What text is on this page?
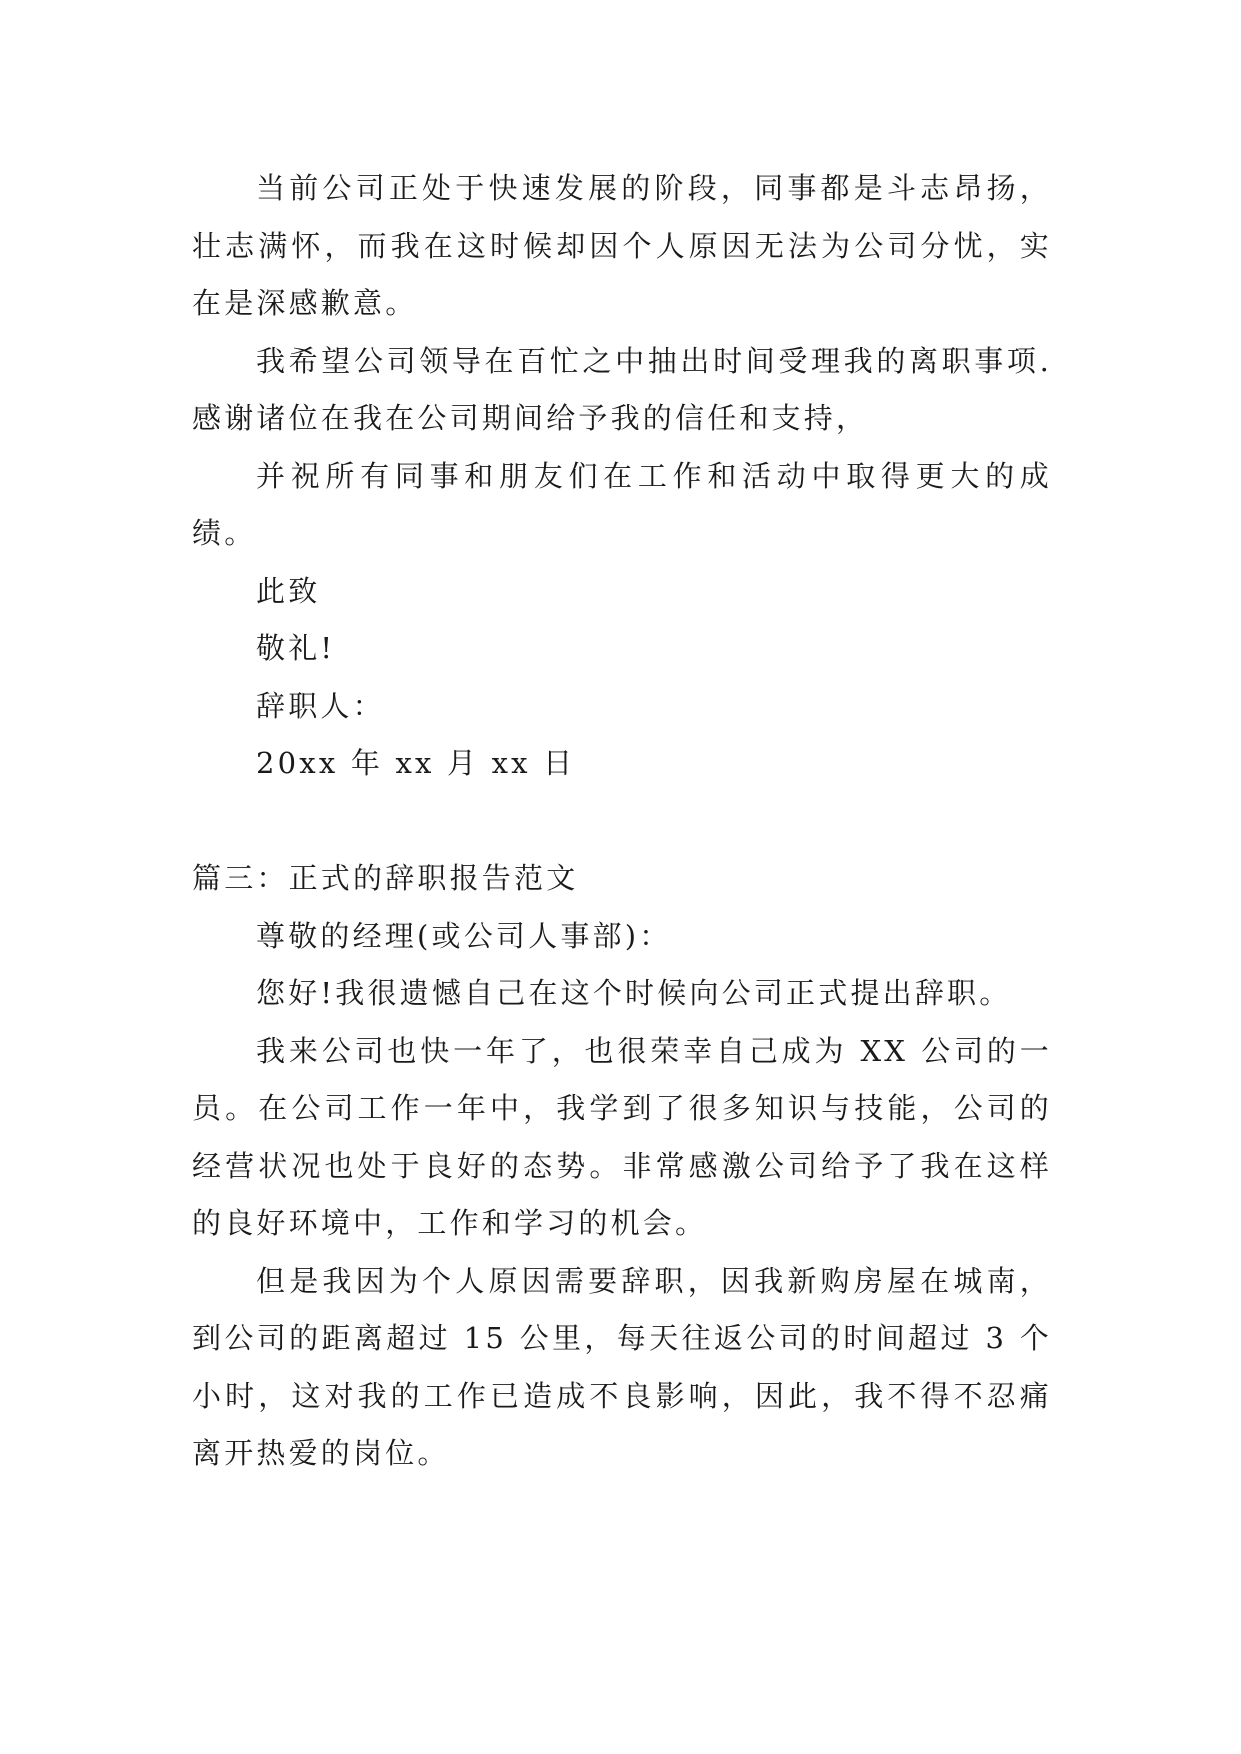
当前公司正处于快速发展的阶段，同事都是斗志昂扬，壮志满怀，而我在这时候却因个人原因无法为公司分忧，实在是深感歉意。

我希望公司领导在百忙之中抽出时间受理我的离职事项. 感谢诸位在我在公司期间给予我的信任和支持，

并祝所有同事和朋友们在工作和活动中取得更大的成绩。

此致

敬礼!

辞职人：

20xx 年 xx 月 xx 日

篇三：正式的辞职报告范文

尊敬的经理(或公司人事部)：

您好!我很遗憾自己在这个时候向公司正式提出辞职。

我来公司也快一年了，也很荣幸自己成为 XX 公司的一员。在公司工作一年中，我学到了很多知识与技能，公司的经营状况也处于良好的态势。非常感激公司给予了我在这样的良好环境中，工作和学习的机会。

但是我因为个人原因需要辞职，因我新购房屋在城南，到公司的距离超过 15 公里，每天往返公司的时间超过 3 个小时，这对我的工作已造成不良影响，因此，我不得不忍痛离开热爱的岗位。
